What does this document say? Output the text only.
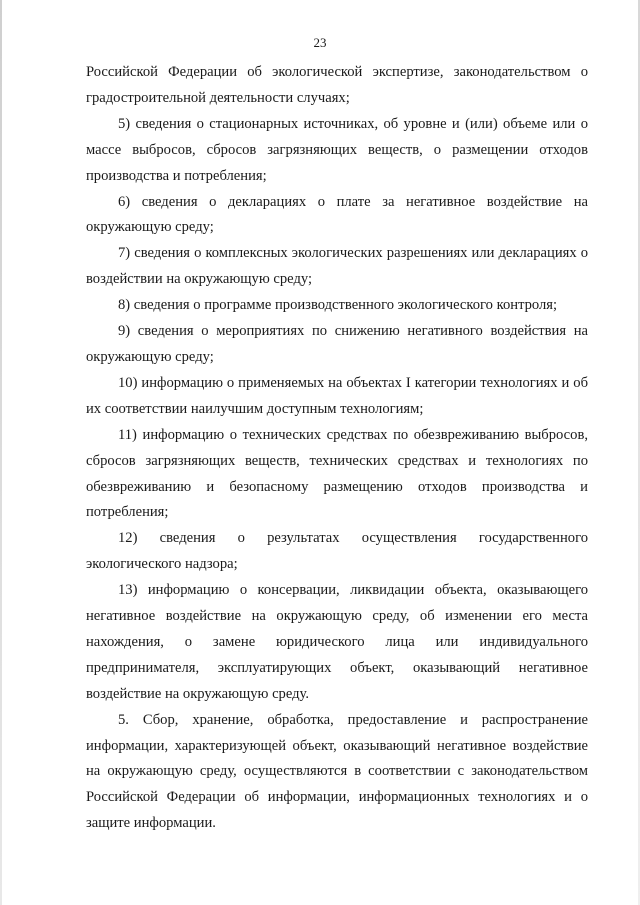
23

Российской Федерации об экологической экспертизе, законодательством о градостроительной деятельности случаях;

5) сведения о стационарных источниках, об уровне и (или) объеме или о массе выбросов, сбросов загрязняющих веществ, о размещении отходов производства и потребления;

6) сведения о декларациях о плате за негативное воздействие на окружающую среду;

7) сведения о комплексных экологических разрешениях или декларациях о воздействии на окружающую среду;

8) сведения о программе производственного экологического контроля;

9) сведения о мероприятиях по снижению негативного воздействия на окружающую среду;

10) информацию о применяемых на объектах I категории технологиях и об их соответствии наилучшим доступным технологиям;

11) информацию о технических средствах по обезвреживанию выбросов, сбросов загрязняющих веществ, технических средствах и технологиях по обезвреживанию и безопасному размещению отходов производства и потребления;

12) сведения о результатах осуществления государственного экологического надзора;

13) информацию о консервации, ликвидации объекта, оказывающего негативное воздействие на окружающую среду, об изменении его места нахождения, о замене юридического лица или индивидуального предпринимателя, эксплуатирующих объект, оказывающий негативное воздействие на окружающую среду.

5. Сбор, хранение, обработка, предоставление и распространение информации, характеризующей объект, оказывающий негативное воздействие на окружающую среду, осуществляются в соответствии с законодательством Российской Федерации об информации, информационных технологиях и о защите информации.
